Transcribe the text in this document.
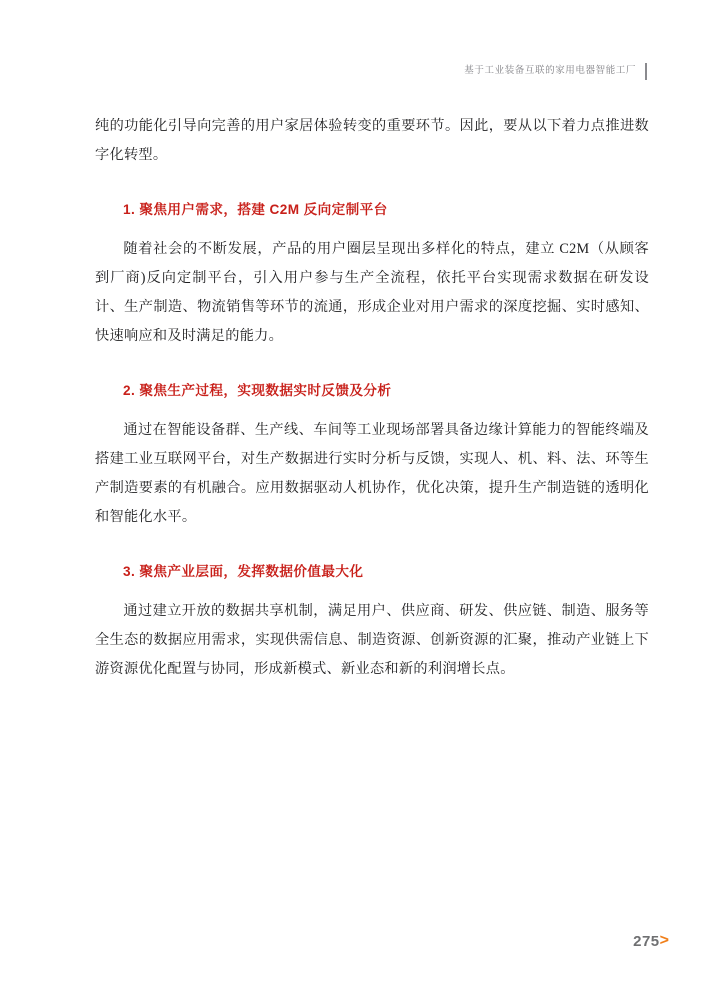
基于工业装备互联的家用电器智能工厂

纯的功能化引导向完善的用户家居体验转变的重要环节。因此，要从以下着力点推进数字化转型。

1. 聚焦用户需求，搭建 C2M 反向定制平台

随着社会的不断发展，产品的用户圈层呈现出多样化的特点，建立 C2M（从顾客到厂商)反向定制平台，引入用户参与生产全流程，依托平台实现需求数据在研发设计、生产制造、物流销售等环节的流通，形成企业对用户需求的深度挖掘、实时感知、快速响应和及时满足的能力。

2. 聚焦生产过程，实现数据实时反馈及分析

通过在智能设备群、生产线、车间等工业现场部署具备边缘计算能力的智能终端及搭建工业互联网平台，对生产数据进行实时分析与反馈，实现人、机、料、法、环等生产制造要素的有机融合。应用数据驱动人机协作，优化决策，提升生产制造链的透明化和智能化水平。

3. 聚焦产业层面，发挥数据价值最大化

通过建立开放的数据共享机制，满足用户、供应商、研发、供应链、制造、服务等全生态的数据应用需求，实现供需信息、制造资源、创新资源的汇聚，推动产业链上下游资源优化配置与协同，形成新模式、新业态和新的利润增长点。

275 >
